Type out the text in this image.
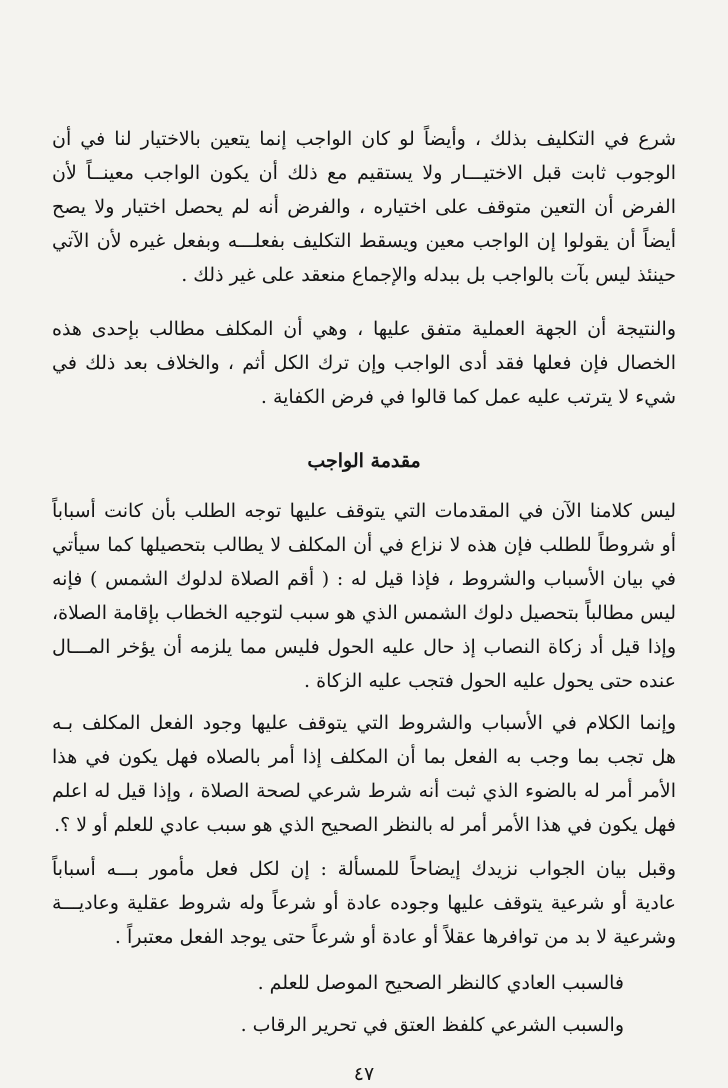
شرع في التكليف بذلك ، وأيضاً لو كان الواجب إنما يتعين بالاختيار لنا في أن
الوجوب ثابت قبل الاختيـــار ولا يستقيم مع ذلك أن يكون الواجب معينــاً لأن
الفرض أن التعين متوقف على اختياره ، والفرض أنه لم يحصل اختيار ولا يصح
أيضاً أن يقولوا إن الواجب معين ويسقط التكليف بفعلـــه وبفعل غيره لأن الآتي
حينئذ ليس بآت بالواجب بل ببدله والإجماع منعقد على غير ذلك .
والنتيجة أن الجهة العملية متفق عليها ، وهي أن المكلف مطالب بإحدى هذه
الخصال فإن فعلها فقد أدى الواجب وإن ترك الكل أثم ، والخلاف بعد ذلك في
شيء لا يترتب عليه عمل كما قالوا في فرض الكفاية .
مقدمة الواجب
ليس كلامنا الآن في المقدمات التي يتوقف عليها توجه الطلب بأن كانت أسباباً
أو شروطاً للطلب فإن هذه لا نزاع في أن المكلف لا يطالب بتحصيلها كما سيأتي
في بيان الأسباب والشروط ، فإذا قيل له : ( أقم الصلاة لدلوك الشمس ) فإنه
ليس مطالباً بتحصيل دلوك الشمس الذي هو سبب لتوجيه الخطاب بإقامة الصلاة،
وإذا قيل أد زكاة النصاب إذ حال عليه الحول فليس مما يلزمه أن يؤخر المـــال
عنده حتى يحول عليه الحول فتجب عليه الزكاة .
وإنما الكلام في الأسباب والشروط التي يتوقف عليها وجود الفعل المكلف بـه
هل تجب بما وجب به الفعل بما أن المكلف إذا أمر بالصلاه فهل يكون في هذا
الأمر أمر له بالضوء الذي ثبت أنه شرط شرعي لصحة الصلاة ، وإذا قيل له اعلم
فهل يكون في هذا الأمر أمر له بالنظر الصحيح الذي هو سبب عادي للعلم أو لا ؟.
وقبل بيان الجواب نزيدك إيضاحاً للمسألة : إن لكل فعل مأمور بـــه أسباباً
عادية أو شرعية يتوقف عليها وجوده عادة أو شرعاً وله شروط عقلية وعاديـــة
وشرعية لا بد من توافرها عقلاً أو عادة أو شرعاً حتى يوجد الفعل معتبراً .
فالسبب العادي كالنظر الصحيح الموصل للعلم .
والسبب الشرعي كلفظ العتق في تحرير الرقاب .
٤٧
